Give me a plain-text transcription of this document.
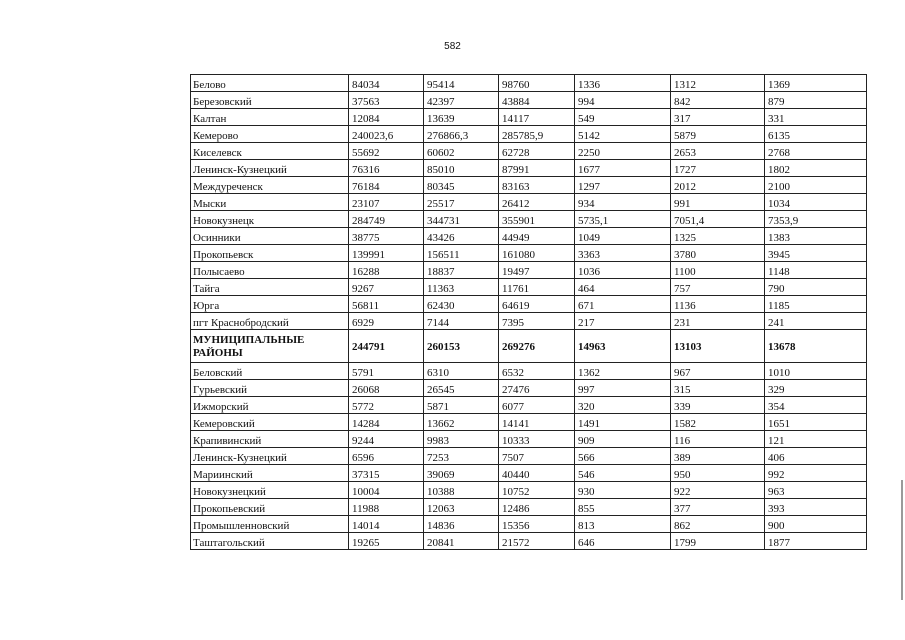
582
Белово	84034	95414	98760	1336	1312	1369
Березовский	37563	42397	43884	994	842	879
Калтан	12084	13639	14117	549	317	331
Кемерово	240023,6	276866,3	285785,9	5142	5879	6135
Киселевск	55692	60602	62728	2250	2653	2768
Ленинск-Кузнецкий	76316	85010	87991	1677	1727	1802
Междуреченск	76184	80345	83163	1297	2012	2100
Мыски	23107	25517	26412	934	991	1034
Новокузнецк	284749	344731	355901	5735,1	7051,4	7353,9
Осинники	38775	43426	44949	1049	1325	1383
Прокопьевск	139991	156511	161080	3363	3780	3945
Полысаево	16288	18837	19497	1036	1100	1148
Тайга	9267	11363	11761	464	757	790
Юрга	56811	62430	64619	671	1136	1185
пгт Краснобродский	6929	7144	7395	217	231	241
МУНИЦИПАЛЬНЫЕ РАЙОНЫ	244791	260153	269276	14963	13103	13678
Беловский	5791	6310	6532	1362	967	1010
Гурьевский	26068	26545	27476	997	315	329
Ижморский	5772	5871	6077	320	339	354
Кемеровский	14284	13662	14141	1491	1582	1651
Крапивинский	9244	9983	10333	909	116	121
Ленинск-Кузнецкий	6596	7253	7507	566	389	406
Мариинский	37315	39069	40440	546	950	992
Новокузнецкий	10004	10388	10752	930	922	963
Прокопьевский	11988	12063	12486	855	377	393
Промышленновский	14014	14836	15356	813	862	900
Таштагольский	19265	20841	21572	646	1799	1877
